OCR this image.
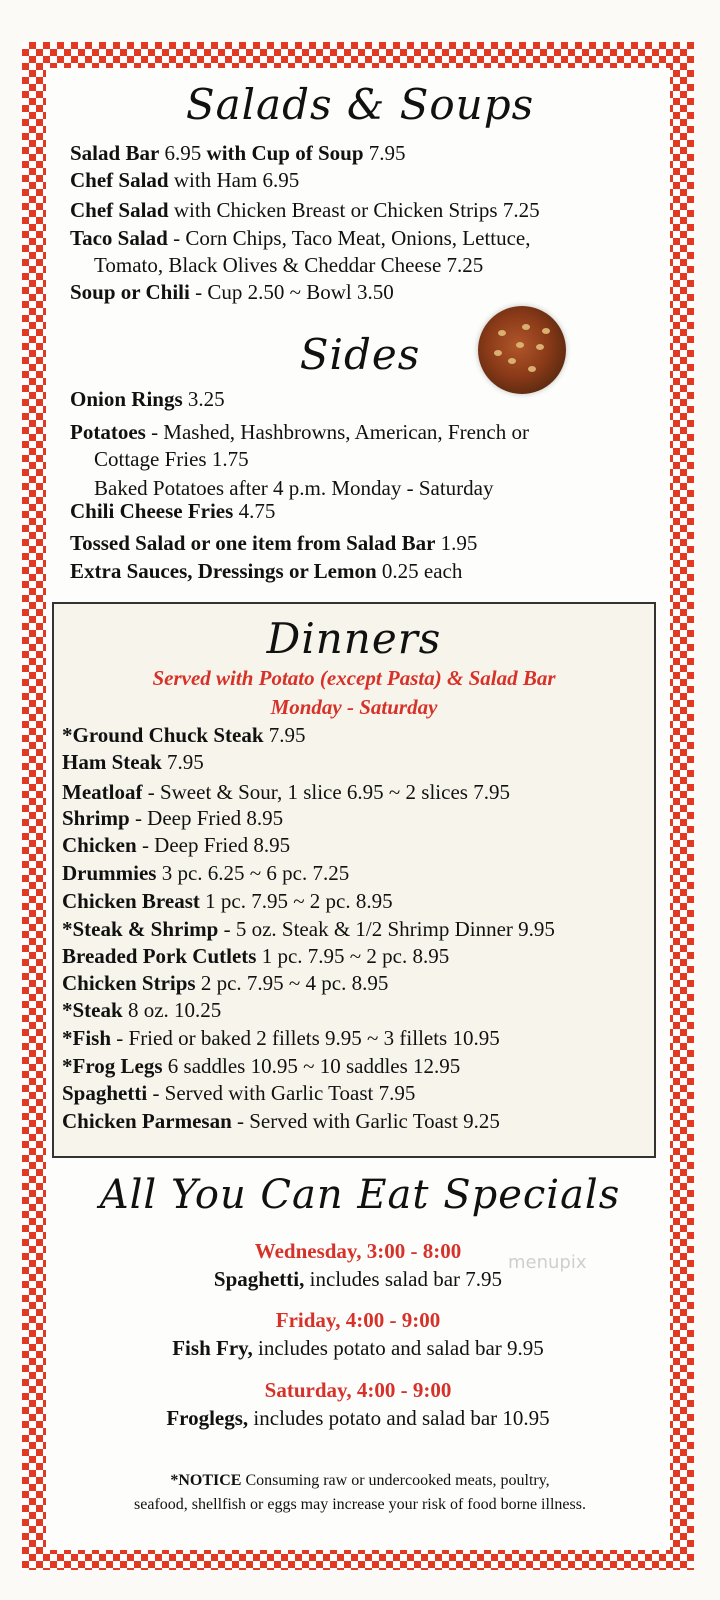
Salads & Soups
Salad Bar 6.95 with Cup of Soup 7.95
Chef Salad with Ham 6.95
Chef Salad with Chicken Breast or Chicken Strips 7.25
Taco Salad - Corn Chips, Taco Meat, Onions, Lettuce,
Tomato, Black Olives & Cheddar Cheese 7.25
Soup or Chili - Cup 2.50 ~ Bowl 3.50
Sides
Onion Rings 3.25
Potatoes - Mashed, Hashbrowns, American, French or
Cottage Fries 1.75
Baked Potatoes after 4 p.m. Monday - Saturday
Chili Cheese Fries 4.75
Tossed Salad or one item from Salad Bar 1.95
Extra Sauces, Dressings or Lemon 0.25 each
Dinners
Served with Potato (except Pasta) & Salad Bar
Monday - Saturday
*Ground Chuck Steak 7.95
Ham Steak 7.95
Meatloaf - Sweet & Sour, 1 slice 6.95 ~ 2 slices 7.95
Shrimp - Deep Fried 8.95
Chicken - Deep Fried 8.95
Drummies 3 pc. 6.25 ~ 6 pc. 7.25
Chicken Breast 1 pc. 7.95 ~ 2 pc. 8.95
*Steak & Shrimp - 5 oz. Steak & 1/2 Shrimp Dinner 9.95
Breaded Pork Cutlets 1 pc. 7.95 ~ 2 pc. 8.95
Chicken Strips 2 pc. 7.95 ~ 4 pc. 8.95
*Steak 8 oz. 10.25
*Fish - Fried or baked 2 fillets 9.95 ~ 3 fillets 10.95
*Frog Legs 6 saddles 10.95 ~ 10 saddles 12.95
Spaghetti - Served with Garlic Toast 7.95
Chicken Parmesan - Served with Garlic Toast 9.25
All You Can Eat Specials
Wednesday, 3:00 - 8:00
Spaghetti, includes salad bar 7.95
Friday, 4:00 - 9:00
Fish Fry, includes potato and salad bar 9.95
Saturday, 4:00 - 9:00
Froglegs, includes potato and salad bar 10.95
menupix
*NOTICE Consuming raw or undercooked meats, poultry,
seafood, shellfish or eggs may increase your risk of food borne illness.
